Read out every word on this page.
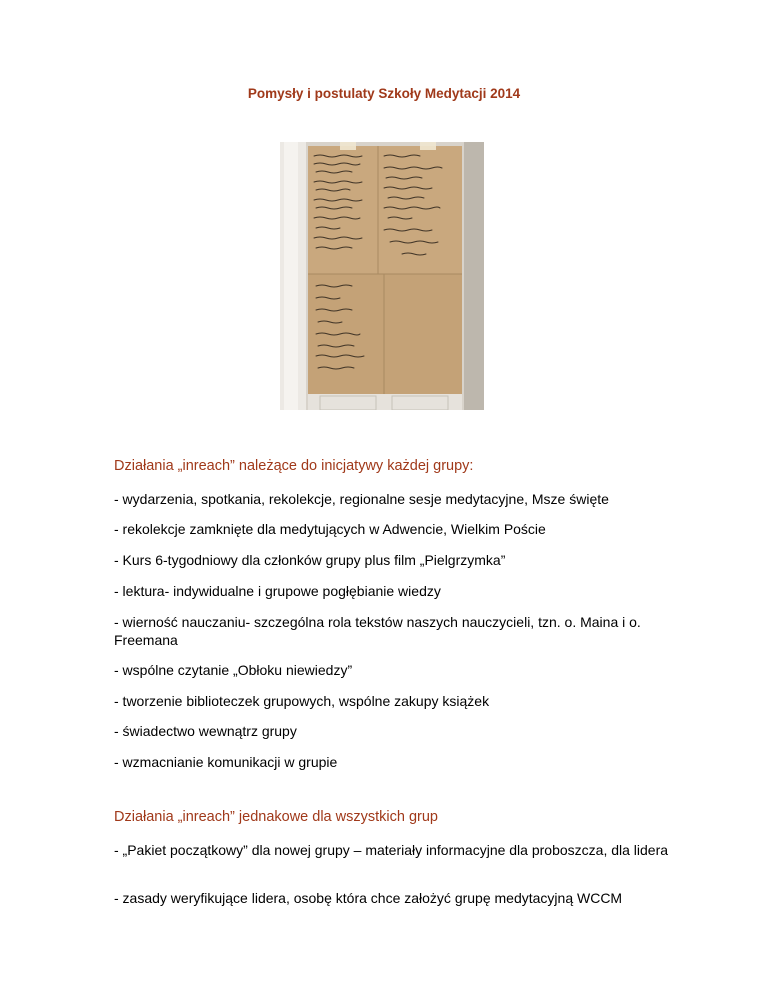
Pomysły i postulaty Szkoły Medytacji 2014
Działania „inreach” należące do inicjatywy każdej grupy:
- wydarzenia, spotkania, rekolekcje, regionalne sesje medytacyjne, Msze święte
- rekolekcje zamknięte dla medytujących w Adwencie, Wielkim Poście
- Kurs 6-tygodniowy dla członków grupy plus film „Pielgrzymka”
- lektura- indywidualne i grupowe pogłębianie wiedzy
- wierność nauczaniu- szczególna rola tekstów naszych nauczycieli, tzn. o. Maina i o. Freemana
- wspólne czytanie „Obłoku niewiedzy”
- tworzenie biblioteczek grupowych, wspólne zakupy książek
- świadectwo wewnątrz grupy
- wzmacnianie komunikacji w grupie
Działania „inreach” jednakowe dla wszystkich grup
- „Pakiet początkowy” dla nowej grupy – materiały informacyjne dla proboszcza, dla lidera
- zasady weryfikujące lidera, osobę która chce założyć grupę medytacyjną WCCM
